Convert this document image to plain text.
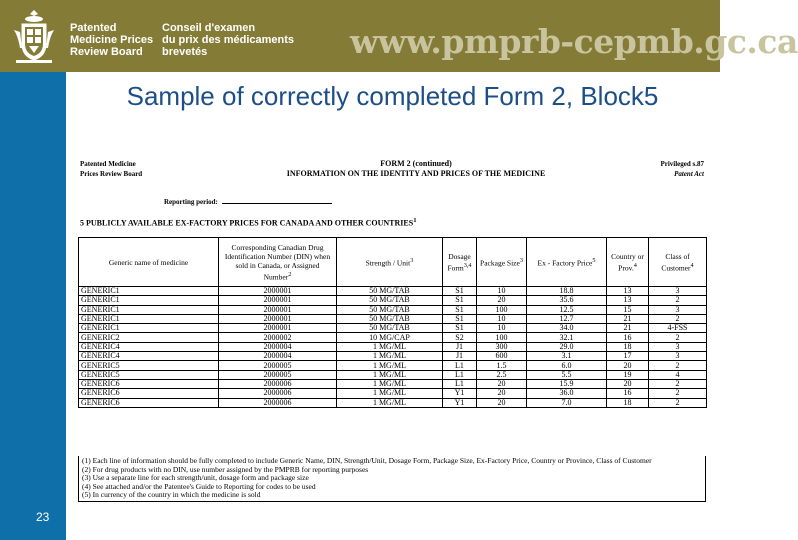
Patented
Medicine Prices
Review Board
Conseil d'examen
du prix des médicaments
brevetés	www.pmprb-cepmb.gc.ca
23
Sample of correctly completed Form 2, Block5
Patented Medicine
Prices Review Board
FORM 2 (continued)
INFORMATION ON THE IDENTITY AND PRICES OF THE MEDICINE
Privileged s.87
Patent Act
Reporting period:
5 PUBLICLY AVAILABLE EX-FACTORY PRICES FOR CANADA AND OTHER COUNTRIES$^1$
Generic name of medicine	Corresponding Canadian Drug Identification Number (DIN) when sold in Canada, or Assigned Number$^2$	Strength / Unit$^3$	Dosage Form$^{3,4}$	Package Size$^3$	Ex - Factory Price$^5$	Country or Prov.$^4$	Class of Customer$^4$
GENERIC1	2000001	50 MG/TAB	S1	10	18.8	13	3
GENERIC1	2000001	50 MG/TAB	S1	20	35.6	13	2
GENERIC1	2000001	50 MG/TAB	S1	100	12.5	15	3
GENERIC1	2000001	50 MG/TAB	S1	10	12.7	21	2
GENERIC1	2000001	50 MG/TAB	S1	10	34.0	21	4-FSS
GENERIC2	2000002	10 MG/CAP	S2	100	32.1	16	2
GENERIC4	2000004	1 MG/ML	J1	300	29.0	18	3
GENERIC4	2000004	1 MG/ML	J1	600	3.1	17	3
GENERIC5	2000005	1 MG/ML	L1	1.5	6.0	20	2
GENERIC5	2000005	1 MG/ML	L1	2.5	5.5	19	4
GENERIC6	2000006	1 MG/ML	L1	20	15.9	20	2
GENERIC6	2000006	1 MG/ML	Y1	20	36.0	16	2
GENERIC6	2000006	1 MG/ML	Y1	20	7.0	18	2
(1) Each line of information should be fully completed to include Generic Name, DIN, Strength/Unit, Dosage Form, Package Size, Ex-Factory Price, Country or Province, Class of Customer
(2) For drug products with no DIN, use number assigned by the PMPRB for reporting purposes
(3) Use a separate line for each strength/unit, dosage form and package size
(4) See attached and/or the Patentee's Guide to Reporting for codes to be used
(5) In currency of the country in which the medicine is sold
